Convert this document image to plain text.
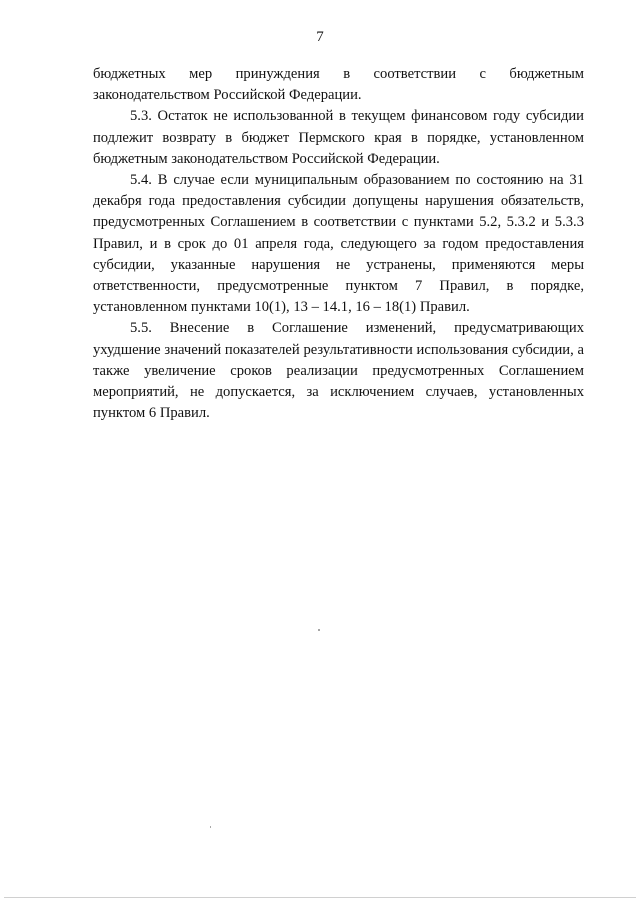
7

бюджетных мер принуждения в соответствии с бюджетным законодательством Российской Федерации.

5.3. Остаток не использованной в текущем финансовом году субсидии подлежит возврату в бюджет Пермского края в порядке, установленном бюджетным законодательством Российской Федерации.

5.4. В случае если муниципальным образованием по состоянию на 31 декабря года предоставления субсидии допущены нарушения обязательств, предусмотренных Соглашением в соответствии с пунктами 5.2, 5.3.2 и 5.3.3 Правил, и в срок до 01 апреля года, следующего за годом предоставления субсидии, указанные нарушения не устранены, применяются меры ответственности, предусмотренные пунктом 7 Правил, в порядке, установленном пунктами 10(1), 13 – 14.1, 16 – 18(1) Правил.

5.5. Внесение в Соглашение изменений, предусматривающих ухудшение значений показателей результативности использования субсидии, а также увеличение сроков реализации предусмотренных Соглашением мероприятий, не допускается, за исключением случаев, установленных пунктом 6 Правил.
